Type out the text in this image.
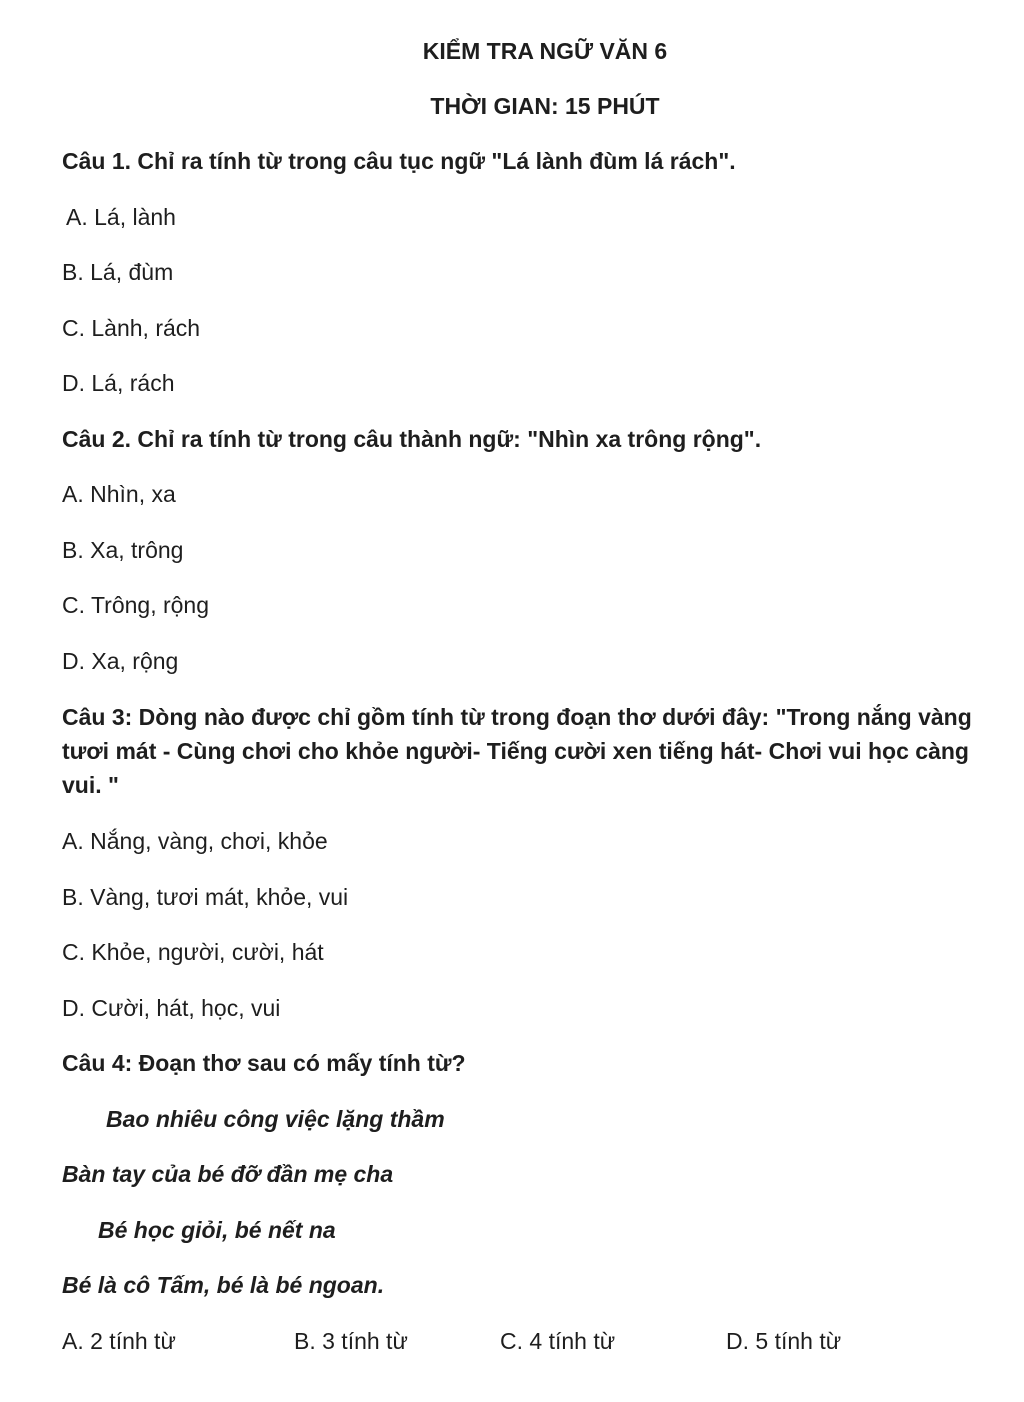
KIỂM TRA NGỮ VĂN 6
THỜI GIAN: 15 PHÚT
Câu 1. Chỉ ra tính từ trong câu tục ngữ "Lá lành đùm lá rách".
A. Lá, lành
B. Lá, đùm
C. Lành, rách
D. Lá, rách
Câu 2. Chỉ ra tính từ trong câu thành ngữ: "Nhìn xa trông rộng".
A. Nhìn, xa
B. Xa, trông
C. Trông, rộng
D. Xa, rộng
Câu 3: Dòng nào được chỉ gồm tính từ trong đoạn thơ dưới đây: "Trong nắng vàng tươi mát - Cùng chơi cho khỏe người- Tiếng cười xen tiếng hát- Chơi vui học càng vui. "
A. Nắng, vàng, chơi, khỏe
B. Vàng, tươi mát, khỏe, vui
C. Khỏe, người, cười, hát
D. Cười, hát, học, vui
Câu 4: Đoạn thơ sau có mấy tính từ?
Bao nhiêu công việc lặng thầm
Bàn tay của bé đỡ đần mẹ cha
Bé học giỏi, bé nết na
Bé là cô Tấm, bé là bé ngoan.
A. 2 tính từ	B. 3 tính từ	C. 4 tính từ	D. 5 tính từ
